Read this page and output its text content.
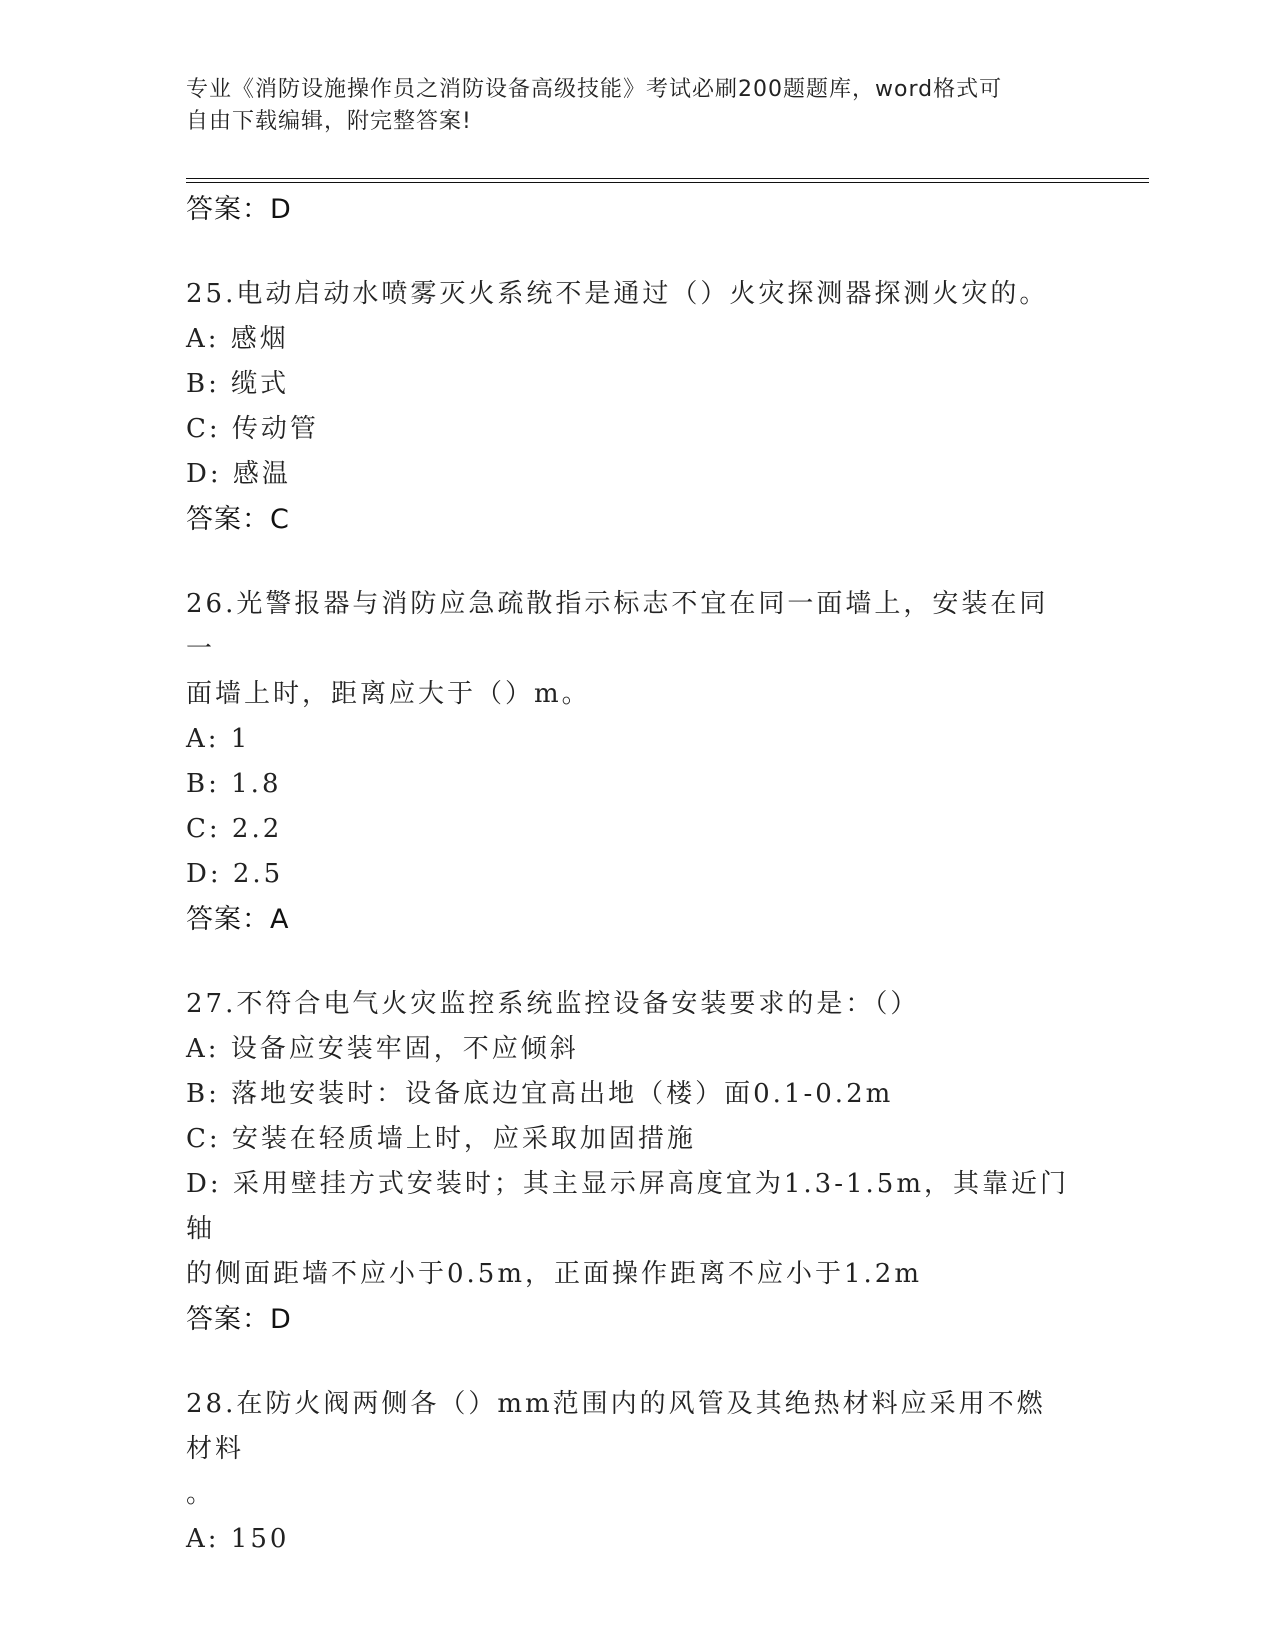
专业《消防设施操作员之消防设备高级技能》考试必刷200题题库，word格式可
自由下载编辑，附完整答案!
答案：D
25.电动启动水喷雾灭火系统不是通过（）火灾探测器探测火灾的。
A: 感烟
B: 缆式
C: 传动管
D: 感温
答案：C
26.光警报器与消防应急疏散指示标志不宜在同一面墙上，安装在同一
面墙上时，距离应大于（）m。
A: 1
B: 1.8
C: 2.2
D: 2.5
答案：A
27.不符合电气火灾监控系统监控设备安装要求的是：（）
A: 设备应安装牢固，不应倾斜
B: 落地安装时：设备底边宜高出地（楼）面0.1-0.2m
C: 安装在轻质墙上时，应采取加固措施
D: 采用壁挂方式安装时；其主显示屏高度宜为1.3-1.5m，其靠近门轴
的侧面距墙不应小于0.5m，正面操作距离不应小于1.2m
答案：D
28.在防火阀两侧各（）mm范围内的风管及其绝热材料应采用不燃材料
。
A: 150
